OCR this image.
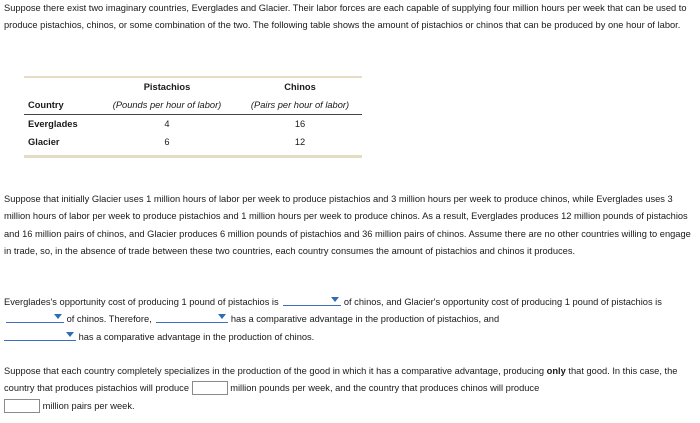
Suppose there exist two imaginary countries, Everglades and Glacier. Their labor forces are each capable of supplying four million hours per week that can be used to produce pistachios, chinos, or some combination of the two. The following table shows the amount of pistachios or chinos that can be produced by one hour of labor.

	Pistachios	Chinos
Country	(Pounds per hour of labor)	(Pairs per hour of labor)
Everglades	4	16
Glacier	6	12

Suppose that initially Glacier uses 1 million hours of labor per week to produce pistachios and 3 million hours per week to produce chinos, while Everglades uses 3 million hours of labor per week to produce pistachios and 1 million hours per week to produce chinos. As a result, Everglades produces 12 million pounds of pistachios and 16 million pairs of chinos, and Glacier produces 6 million pounds of pistachios and 36 million pairs of chinos. Assume there are no other countries willing to engage in trade, so, in the absence of trade between these two countries, each country consumes the amount of pistachios and chinos it produces.

Everglades's opportunity cost of producing 1 pound of pistachios is	of chinos, and Glacier's opportunity cost of producing 1 pound of pistachios is
of chinos. Therefore,	has a comparative advantage in the production of pistachios, and

has a comparative advantage in the production of chinos.

Suppose that each country completely specializes in the production of the good in which it has a comparative advantage, producing only that good. In this case, the country that produces pistachios will produce	million pounds per week, and the country that produces chinos will produce
million pairs per week.
